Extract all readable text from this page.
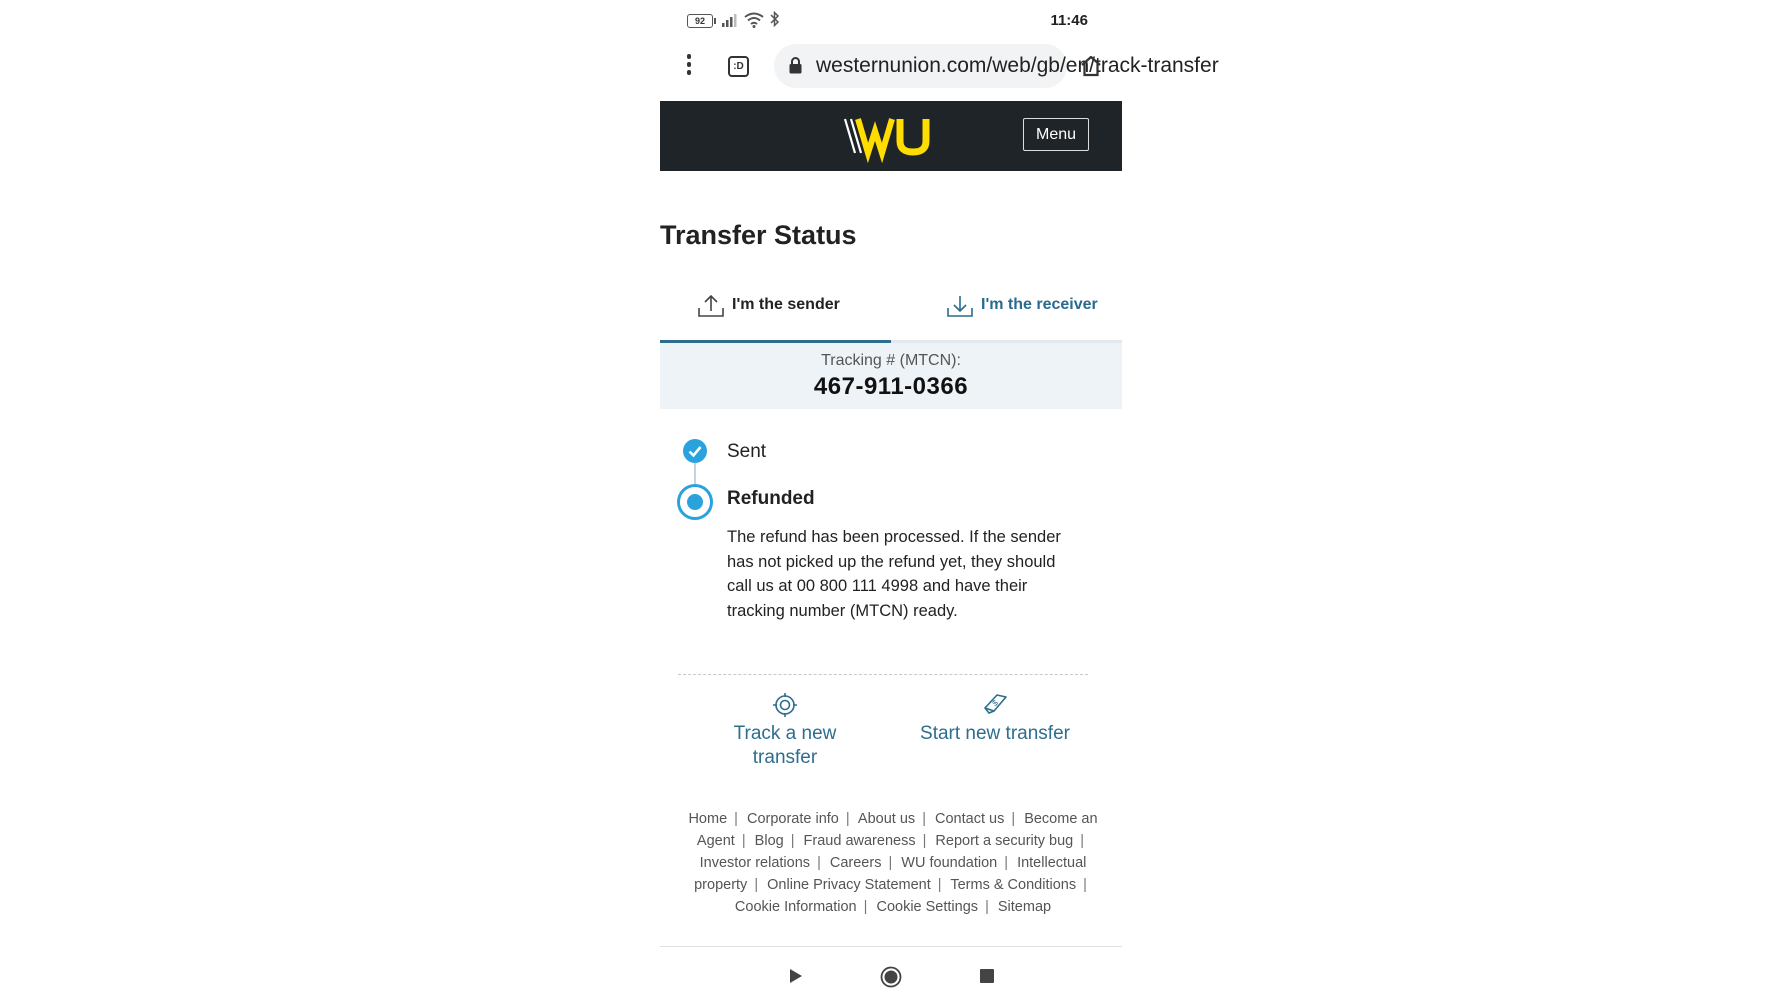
92	11:46
:D	westernunion.com/web/gb/en/track-transfer
Menu
Transfer Status
I'm the sender	I'm the receiver
Tracking # (MTCN):
467-911-0366
Sent
Refunded

The refund has been processed. If the sender has not picked up the refund yet, they should call us at 00 800 111 4998 and have their tracking number (MTCN) ready.

Track a new transfer
$
Start new transfer
Home | Corporate info | About us | Contact us | Become an Agent | Blog | Fraud awareness | Report a security bug | Investor relations | Careers | WU foundation | Intellectual property | Online Privacy Statement | Terms & Conditions | Cookie Information | Cookie Settings | Sitemap
